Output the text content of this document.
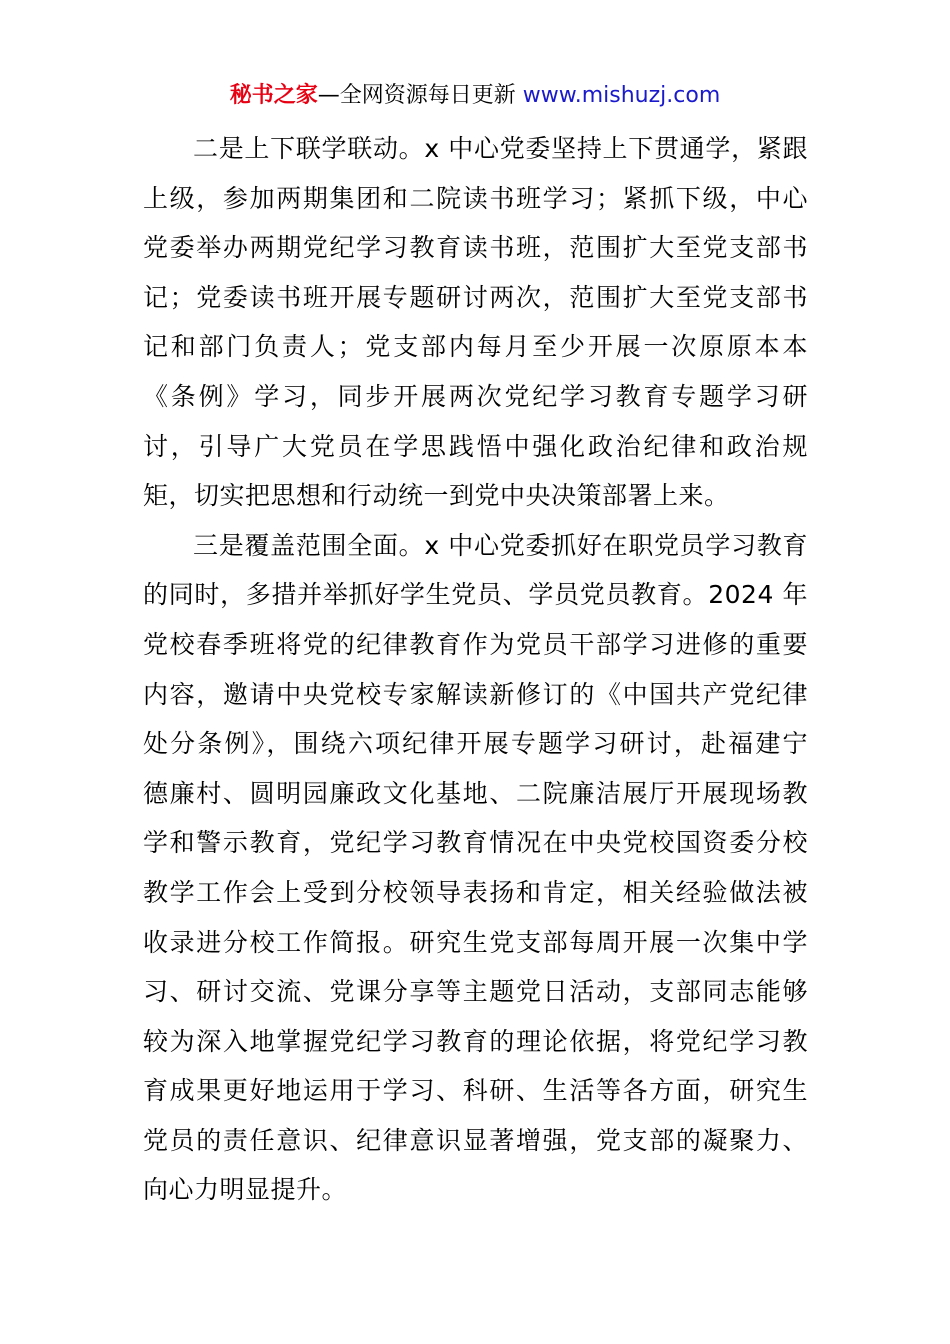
秘书之家—全网资源每日更新 www.mishuzj.com
二是上下联学联动。x 中心党委坚持上下贯通学，紧跟
上级，参加两期集团和二院读书班学习；紧抓下级，中心
党委举办两期党纪学习教育读书班，范围扩大至党支部书
记；党委读书班开展专题研讨两次，范围扩大至党支部书
记和部门负责人；党支部内每月至少开展一次原原本本
《条例》学习，同步开展两次党纪学习教育专题学习研
讨，引导广大党员在学思践悟中强化政治纪律和政治规
矩，切实把思想和行动统一到党中央决策部署上来。
三是覆盖范围全面。x 中心党委抓好在职党员学习教育
的同时，多措并举抓好学生党员、学员党员教育。2024 年
党校春季班将党的纪律教育作为党员干部学习进修的重要
内容，邀请中央党校专家解读新修订的《中国共产党纪律
处分条例》，围绕六项纪律开展专题学习研讨，赴福建宁
德廉村、圆明园廉政文化基地、二院廉洁展厅开展现场教
学和警示教育，党纪学习教育情况在中央党校国资委分校
教学工作会上受到分校领导表扬和肯定，相关经验做法被
收录进分校工作简报。研究生党支部每周开展一次集中学
习、研讨交流、党课分享等主题党日活动，支部同志能够
较为深入地掌握党纪学习教育的理论依据，将党纪学习教
育成果更好地运用于学习、科研、生活等各方面，研究生
党员的责任意识、纪律意识显著增强，党支部的凝聚力、
向心力明显提升。
